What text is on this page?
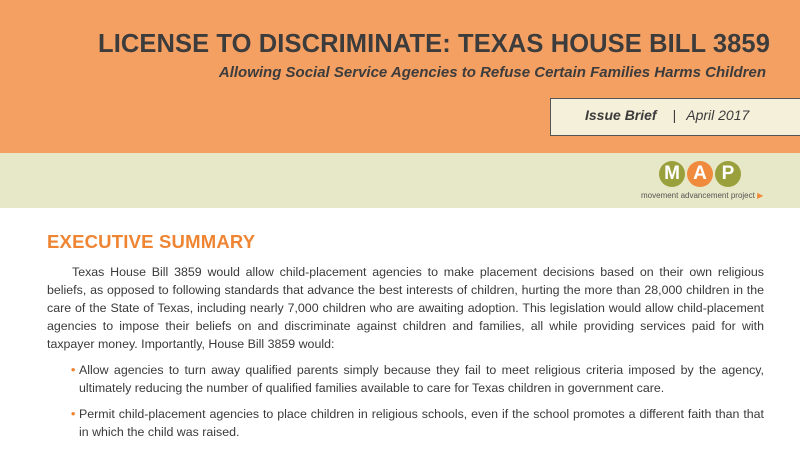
LICENSE TO DISCRIMINATE: TEXAS HOUSE BILL 3859
Allowing Social Service Agencies to Refuse Certain Families Harms Children
Issue Brief | April 2017
M A P
movement advancement project ▶
EXECUTIVE SUMMARY

Texas House Bill 3859 would allow child-placement agencies to make placement decisions based on their own religious beliefs, as opposed to following standards that advance the best interests of children, hurting the more than 28,000 children in the care of the State of Texas, including nearly 7,000 children who are awaiting adoption. This legislation would allow child-placement agencies to impose their beliefs on and discriminate against children and families, all while providing services paid for with taxpayer money. Importantly, House Bill 3859 would:

• Allow agencies to turn away qualified parents simply because they fail to meet religious criteria imposed by the agency, ultimately reducing the number of qualified families available to care for Texas children in government care.
• Permit child-placement agencies to place children in religious schools, even if the school promotes a different faith than that in which the child was raised.
